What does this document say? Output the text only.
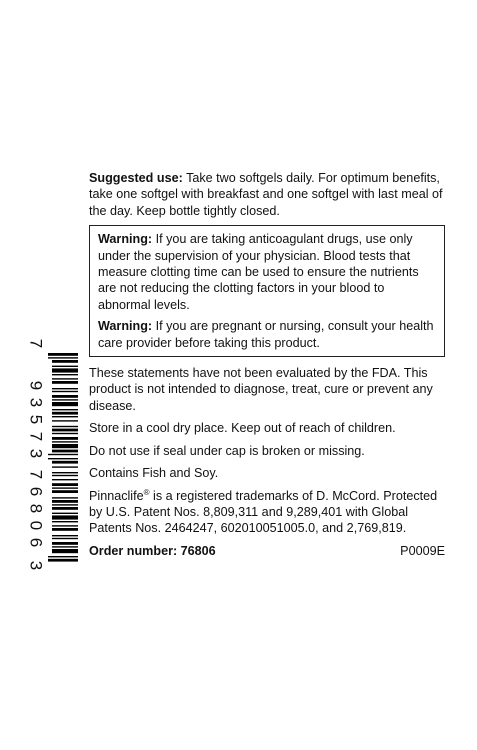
Suggested use: Take two softgels daily. For optimum benefits, take one softgel with breakfast and one softgel with last meal of the day. Keep bottle tightly closed.

Warning: If you are taking anticoagulant drugs, use only under the supervision of your physician. Blood tests that measure clotting time can be used to ensure the nutrients are not reducing the clotting factors in your blood to abnormal levels.

Warning: If you are pregnant or nursing, consult your health care provider before taking this product.

These statements have not been evaluated by the FDA. This product is not intended to diagnose, treat, cure or prevent any disease.

Store in a cool dry place. Keep out of reach of children.

Do not use if seal under cap is broken or missing.

Contains Fish and Soy.

Pinnaclife® is a registered trademarks of D. McCord. Protected by U.S. Patent Nos. 8,809,311 and 9,289,401 with Global Patents Nos. 2464247, 602010051005.0, and 2,769,819.

Order number: 76806	P0009E
7
9
3
5
7
3
7
6
8
0
6
3
